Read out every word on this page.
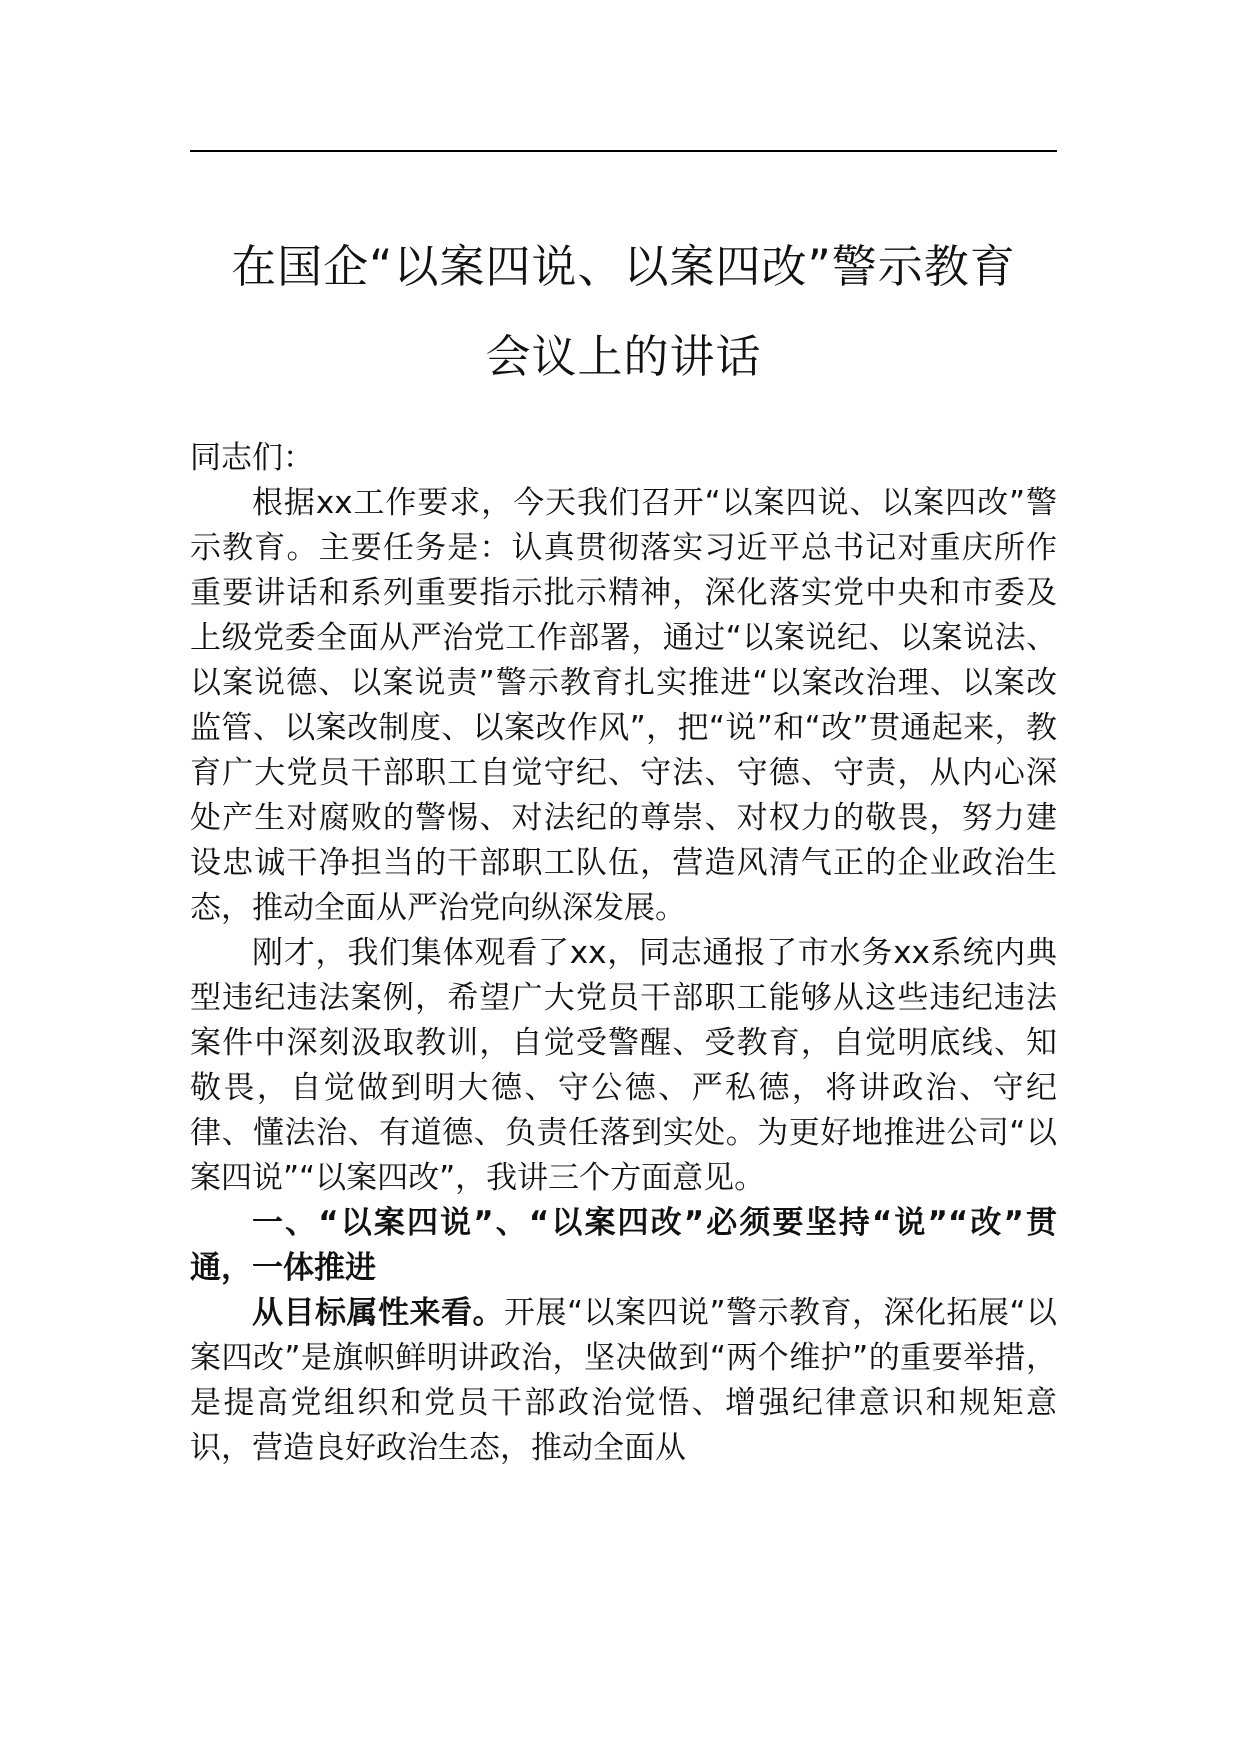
在国企“以案四说、以案四改”警示教育
会议上的讲话

同志们：

根据xx工作要求，今天我们召开“以案四说、以案四改”警示教育。主要任务是：认真贯彻落实习近平总书记对重庆所作重要讲话和系列重要指示批示精神，深化落实党中央和市委及上级党委全面从严治党工作部署，通过“以案说纪、以案说法、以案说德、以案说责”警示教育扎实推进“以案改治理、以案改监管、以案改制度、以案改作风”，把“说”和“改”贯通起来，教育广大党员干部职工自觉守纪、守法、守德、守责，从内心深处产生对腐败的警惕、对法纪的尊崇、对权力的敬畏，努力建设忠诚干净担当的干部职工队伍，营造风清气正的企业政治生态，推动全面从严治党向纵深发展。

刚才，我们集体观看了xx，同志通报了市水务xx系统内典型违纪违法案例，希望广大党员干部职工能够从这些违纪违法案件中深刻汲取教训，自觉受警醒、受教育，自觉明底线、知敬畏，自觉做到明大德、守公德、严私德，将讲政治、守纪律、懂法治、有道德、负责任落到实处。为更好地推进公司“以案四说”“以案四改”，我讲三个方面意见。

一、“以案四说”、“以案四改”必须要坚持“说”“改”贯通，一体推进

从目标属性来看。开展“以案四说”警示教育，深化拓展“以案四改”是旗帜鲜明讲政治，坚决做到“两个维护”的重要举措，是提高党组织和党员干部政治觉悟、增强纪律意识和规矩意识，营造良好政治生态，推动全面从
